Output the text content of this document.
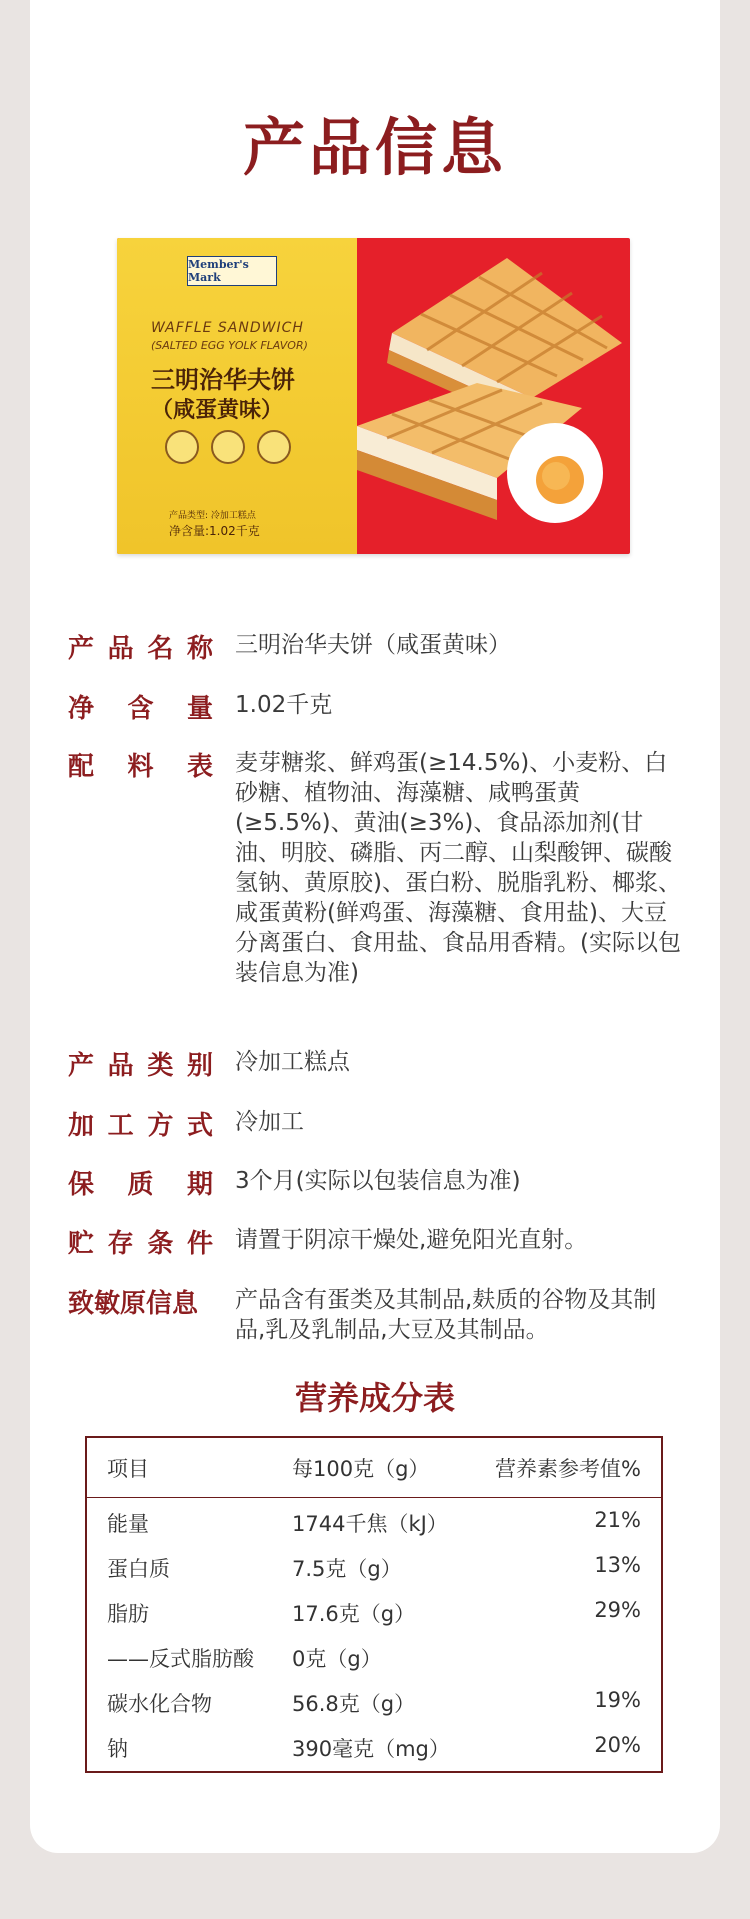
产品信息
Member's Mark
WAFFLE SANDWICH
(SALTED EGG YOLK FLAVOR)
三明治华夫饼
（咸蛋黄味）
产品类型: 冷加工糕点
净含量:1.02千克
产品名称 三明治华夫饼（咸蛋黄味）
净含量 1.02千克
配料表 麦芽糖浆、鲜鸡蛋(≥14.5%)、小麦粉、白砂糖、植物油、海藻糖、咸鸭蛋黄(≥5.5%)、黄油(≥3%)、食品添加剂(甘油、明胶、磷脂、丙二醇、山梨酸钾、碳酸氢钠、黄原胶)、蛋白粉、脱脂乳粉、椰浆、咸蛋黄粉(鲜鸡蛋、海藻糖、食用盐)、大豆分离蛋白、食用盐、食品用香精。(实际以包装信息为准)
产品类别 冷加工糕点
加工方式 冷加工
保质期 3个月(实际以包装信息为准)
贮存条件 请置于阴凉干燥处,避免阳光直射。
致敏原信息	产品含有蛋类及其制品,麸质的谷物及其制品,乳及乳制品,大豆及其制品。
营养成分表
项目	每100克（g）	营养素参考值%
能量	1744千焦（kJ）	21%
蛋白质	7.5克（g）	13%
脂肪	17.6克（g）	29%
——反式脂肪酸 0克（g）
碳水化合物	56.8克（g）	19%
钠	390毫克（mg）	20%
